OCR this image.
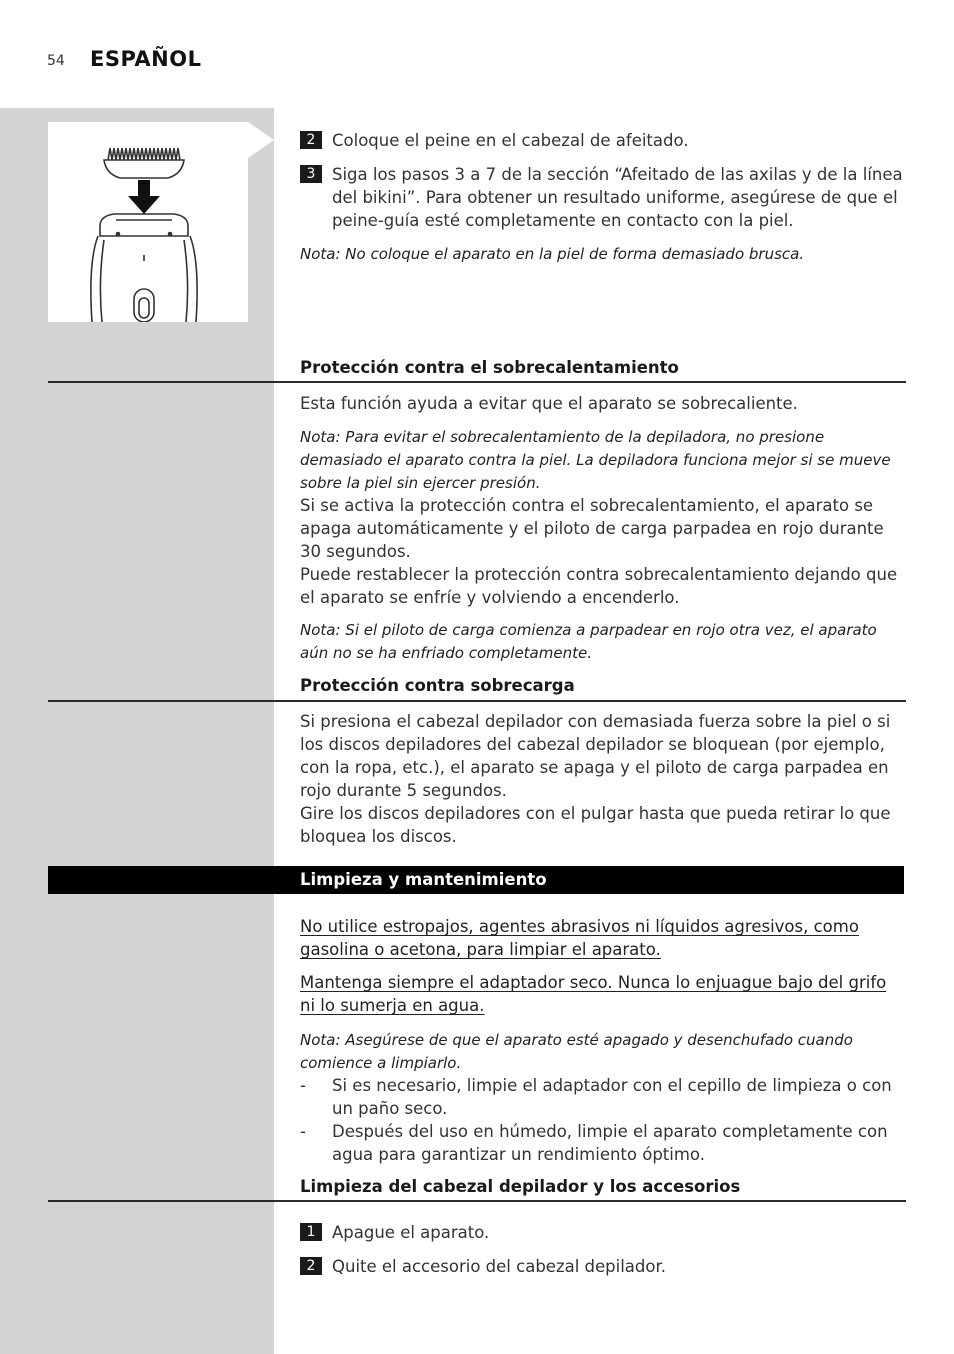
54 ESPAÑOL
2	Coloque el peine en el cabezal de afeitado.

3	Siga los pasos 3 a 7 de la sección “Afeitado de las axilas y de la línea del bikini”. Para obtener un resultado uniforme, asegúrese de que el peine-guía esté completamente en contacto con la piel.

Nota: No coloque el aparato en la piel de forma demasiado brusca.
Protección contra el sobrecalentamiento

Esta función ayuda a evitar que el aparato se sobrecaliente.

Nota: Para evitar el sobrecalentamiento de la depiladora, no presione demasiado el aparato contra la piel. La depiladora funciona mejor si se mueve sobre la piel sin ejercer presión.

Si se activa la protección contra el sobrecalentamiento, el aparato se apaga automáticamente y el piloto de carga parpadea en rojo durante 30 segundos.

Puede restablecer la protección contra sobrecalentamiento dejando que el aparato se enfríe y volviendo a encenderlo.

Nota: Si el piloto de carga comienza a parpadear en rojo otra vez, el aparato aún no se ha enfriado completamente.
Protección contra sobrecarga

Si presiona el cabezal depilador con demasiada fuerza sobre la piel o si los discos depiladores del cabezal depilador se bloquean (por ejemplo, con la ropa, etc.), el aparato se apaga y el piloto de carga parpadea en rojo durante 5 segundos.

Gire los discos depiladores con el pulgar hasta que pueda retirar lo que bloquea los discos.

Limpieza y mantenimiento

No utilice estropajos, agentes abrasivos ni líquidos agresivos, como gasolina o acetona, para limpiar el aparato.

Mantenga siempre el adaptador seco. Nunca lo enjuague bajo del grifo ni lo sumerja en agua.

Nota: Asegúrese de que el aparato esté apagado y desenchufado cuando comience a limpiarlo.
-	Si es necesario, limpie el adaptador con el cepillo de limpieza o con un paño seco.

-	Después del uso en húmedo, limpie el aparato completamente con agua para garantizar un rendimiento óptimo.

Limpieza del cabezal depilador y los accesorios
1	Apague el aparato.

2	Quite el accesorio del cabezal depilador.
